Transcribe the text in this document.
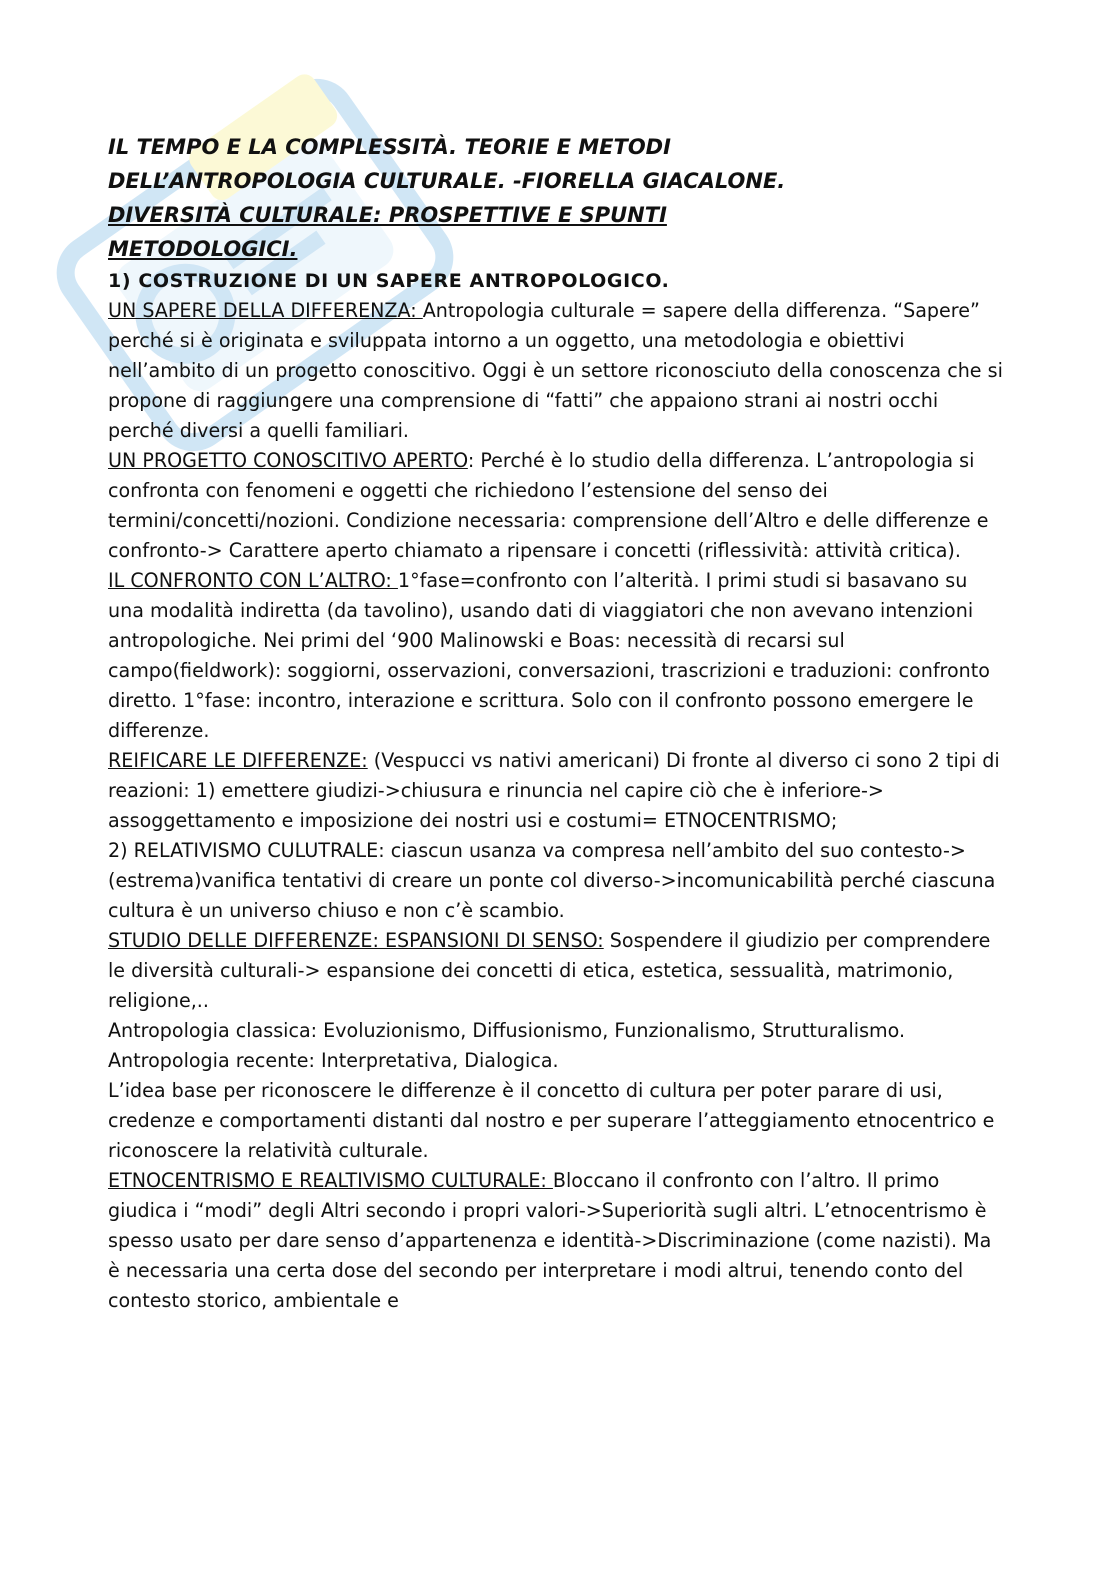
IL TEMPO E LA COMPLESSITÀ. TEORIE E METODI

DELL’ANTROPOLOGIA CULTURALE. -FIORELLA GIACALONE.

DIVERSITÀ CULTURALE: PROSPETTIVE E SPUNTI

METODOLOGICI.

1) COSTRUZIONE DI UN SAPERE ANTROPOLOGICO.

UN SAPERE DELLA DIFFERENZA: Antropologia culturale = sapere della differenza. “Sapere” perché si è originata e sviluppata intorno a un oggetto, una metodologia e obiettivi nell’ambito di un progetto conoscitivo. Oggi è un settore riconosciuto della conoscenza che si propone di raggiungere una comprensione di “fatti” che appaiono strani ai nostri occhi perché diversi a quelli familiari.

UN PROGETTO CONOSCITIVO APERTO: Perché è lo studio della differenza. L’antropologia si confronta con fenomeni e oggetti che richiedono l’estensione del senso dei termini/concetti/nozioni. Condizione necessaria: comprensione dell’Altro e delle differenze e confronto-> Carattere aperto chiamato a ripensare i concetti (riflessività: attività critica).

IL CONFRONTO CON L’ALTRO: 1°fase=confronto con l’alterità. I primi studi si basavano su una modalità indiretta (da tavolino), usando dati di viaggiatori che non avevano intenzioni antropologiche. Nei primi del ‘900 Malinowski e Boas: necessità di recarsi sul campo(fieldwork): soggiorni, osservazioni, conversazioni, trascrizioni e traduzioni: confronto diretto. 1°fase: incontro, interazione e scrittura. Solo con il confronto possono emergere le differenze.

REIFICARE LE DIFFERENZE: (Vespucci vs nativi americani) Di fronte al diverso ci sono 2 tipi di reazioni: 1) emettere giudizi->chiusura e rinuncia nel capire ciò che è inferiore-> assoggettamento e imposizione dei nostri usi e costumi= ETNOCENTRISMO;

2) RELATIVISMO CULUTRALE: ciascun usanza va compresa nell’ambito del suo contesto->(estrema)vanifica tentativi di creare un ponte col diverso->incomunicabilità perché ciascuna cultura è un universo chiuso e non c’è scambio.

STUDIO DELLE DIFFERENZE: ESPANSIONI DI SENSO: Sospendere il giudizio per comprendere le diversità culturali-> espansione dei concetti di etica, estetica, sessualità, matrimonio, religione,..

Antropologia classica: Evoluzionismo, Diffusionismo, Funzionalismo, Strutturalismo.

Antropologia recente: Interpretativa, Dialogica.

L’idea base per riconoscere le differenze è il concetto di cultura per poter parare di usi, credenze e comportamenti distanti dal nostro e per superare l’atteggiamento etnocentrico e riconoscere la relatività culturale.

ETNOCENTRISMO E REALTIVISMO CULTURALE: Bloccano il confronto con l’altro. Il primo giudica i “modi” degli Altri secondo i propri valori->Superiorità sugli altri. L’etnocentrismo è spesso usato per dare senso d’appartenenza e identità->Discriminazione (come nazisti). Ma è necessaria una certa dose del secondo per interpretare i modi altrui, tenendo conto del contesto storico, ambientale e
